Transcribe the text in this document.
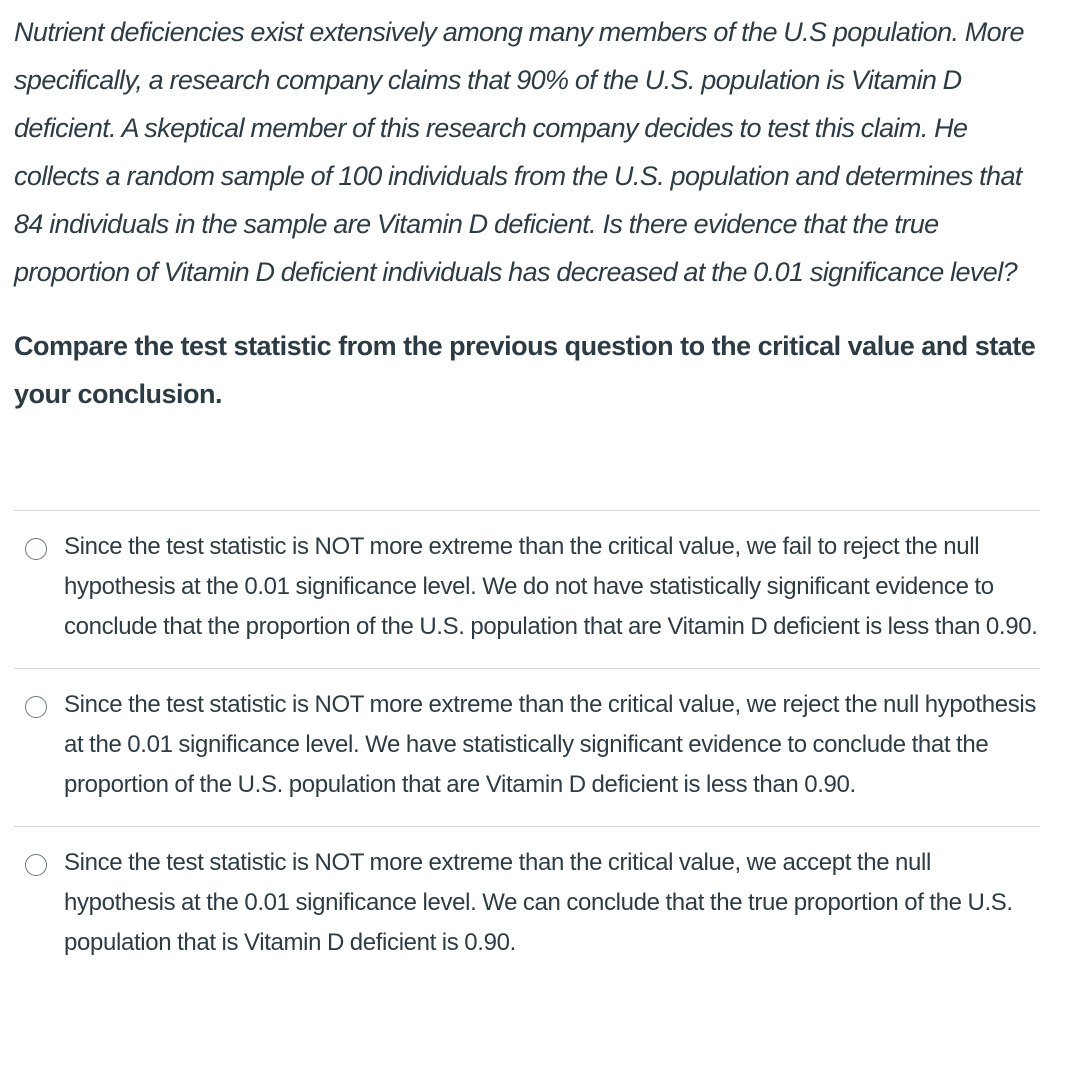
Nutrient deficiencies exist extensively among many members of the U.S population. More specifically, a research company claims that 90% of the U.S. population is Vitamin D deficient. A skeptical member of this research company decides to test this claim. He collects a random sample of 100 individuals from the U.S. population and determines that 84 individuals in the sample are Vitamin D deficient. Is there evidence that the true proportion of Vitamin D deficient individuals has decreased at the 0.01 significance level?

Compare the test statistic from the previous question to the critical value and state your conclusion.

Since the test statistic is NOT more extreme than the critical value, we fail to reject the null hypothesis at the 0.01 significance level. We do not have statistically significant evidence to conclude that the proportion of the U.S. population that are Vitamin D deficient is less than 0.90.
Since the test statistic is NOT more extreme than the critical value, we reject the null hypothesis at the 0.01 significance level. We have statistically significant evidence to conclude that the proportion of the U.S. population that are Vitamin D deficient is less than 0.90.
Since the test statistic is NOT more extreme than the critical value, we accept the null hypothesis at the 0.01 significance level. We can conclude that the true proportion of the U.S. population that is Vitamin D deficient is 0.90.
